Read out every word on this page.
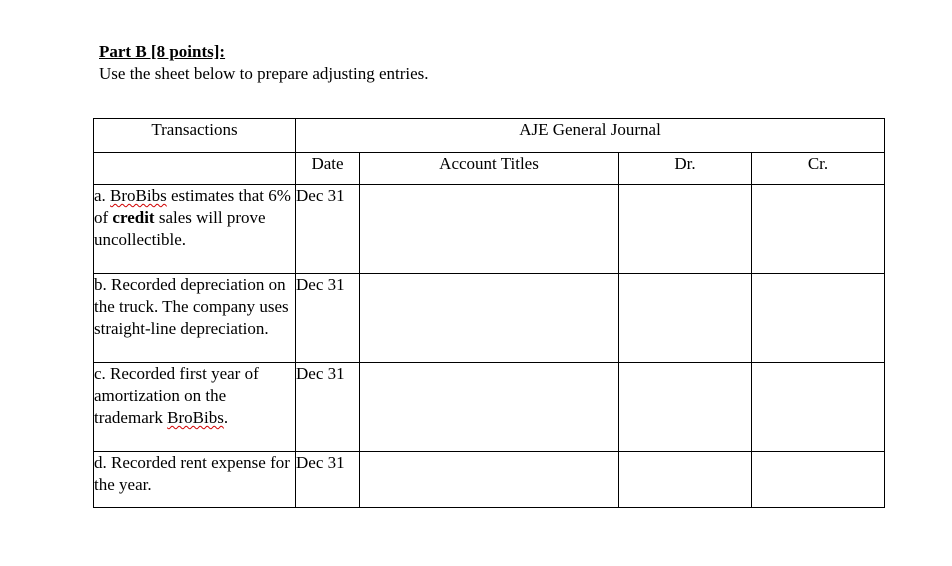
Part B [8 points]:
Use the sheet below to prepare adjusting entries.
Transactions	AJE General Journal			
	Date	Account Titles	Dr.	Cr.
a. BroBibs estimates that 6% of credit sales will prove uncollectible.	Dec 31			
b. Recorded depreciation on the truck. The company uses straight-line depreciation.	Dec 31			
c. Recorded first year of amortization on the trademark BroBibs.	Dec 31			
d. Recorded rent expense for the year.	Dec 31			
